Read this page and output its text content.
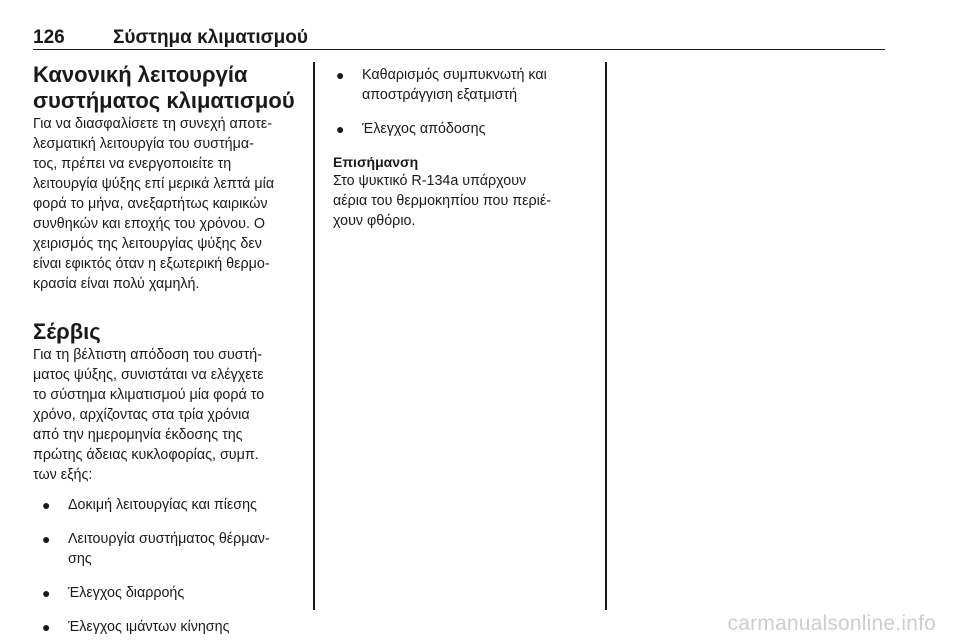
126	Σύστημα κλιματισμού
Κανονική λειτουργία
συστήματος κλιματισμού

Για να διασφαλίσετε τη συνεχή αποτε-
λεσματική λειτουργία του συστήμα-
τος, πρέπει να ενεργοποιείτε τη
λειτουργία ψύξης επί μερικά λεπτά μία
φορά το μήνα, ανεξαρτήτως καιρικών
συνθηκών και εποχής του χρόνου. Ο
χειρισμός της λειτουργίας ψύξης δεν
είναι εφικτός όταν η εξωτερική θερμο-
κρασία είναι πολύ χαμηλή.

Σέρβις

Για τη βέλτιστη απόδοση του συστή-
ματος ψύξης, συνιστάται να ελέγχετε
το σύστημα κλιματισμού μία φορά το
χρόνο, αρχίζοντας στα τρία χρόνια
από την ημερομηνία έκδοσης της
πρώτης άδειας κυκλοφορίας, συμπ.
των εξής:

● Δοκιμή λειτουργίας και πίεσης
● Λειτουργία συστήματος θέρμαν-
σης
● Έλεγχος διαρροής
● Έλεγχος ιμάντων κίνησης
● Καθαρισμός συμπυκνωτή και
αποστράγγιση εξατμιστή
● Έλεγχος απόδοσης
Επισήμανση
Στο ψυκτικό R-134a υπάρχουν
αέρια του θερμοκηπίου που περιέ-
χουν φθόριο.
carmanualsonline.info
